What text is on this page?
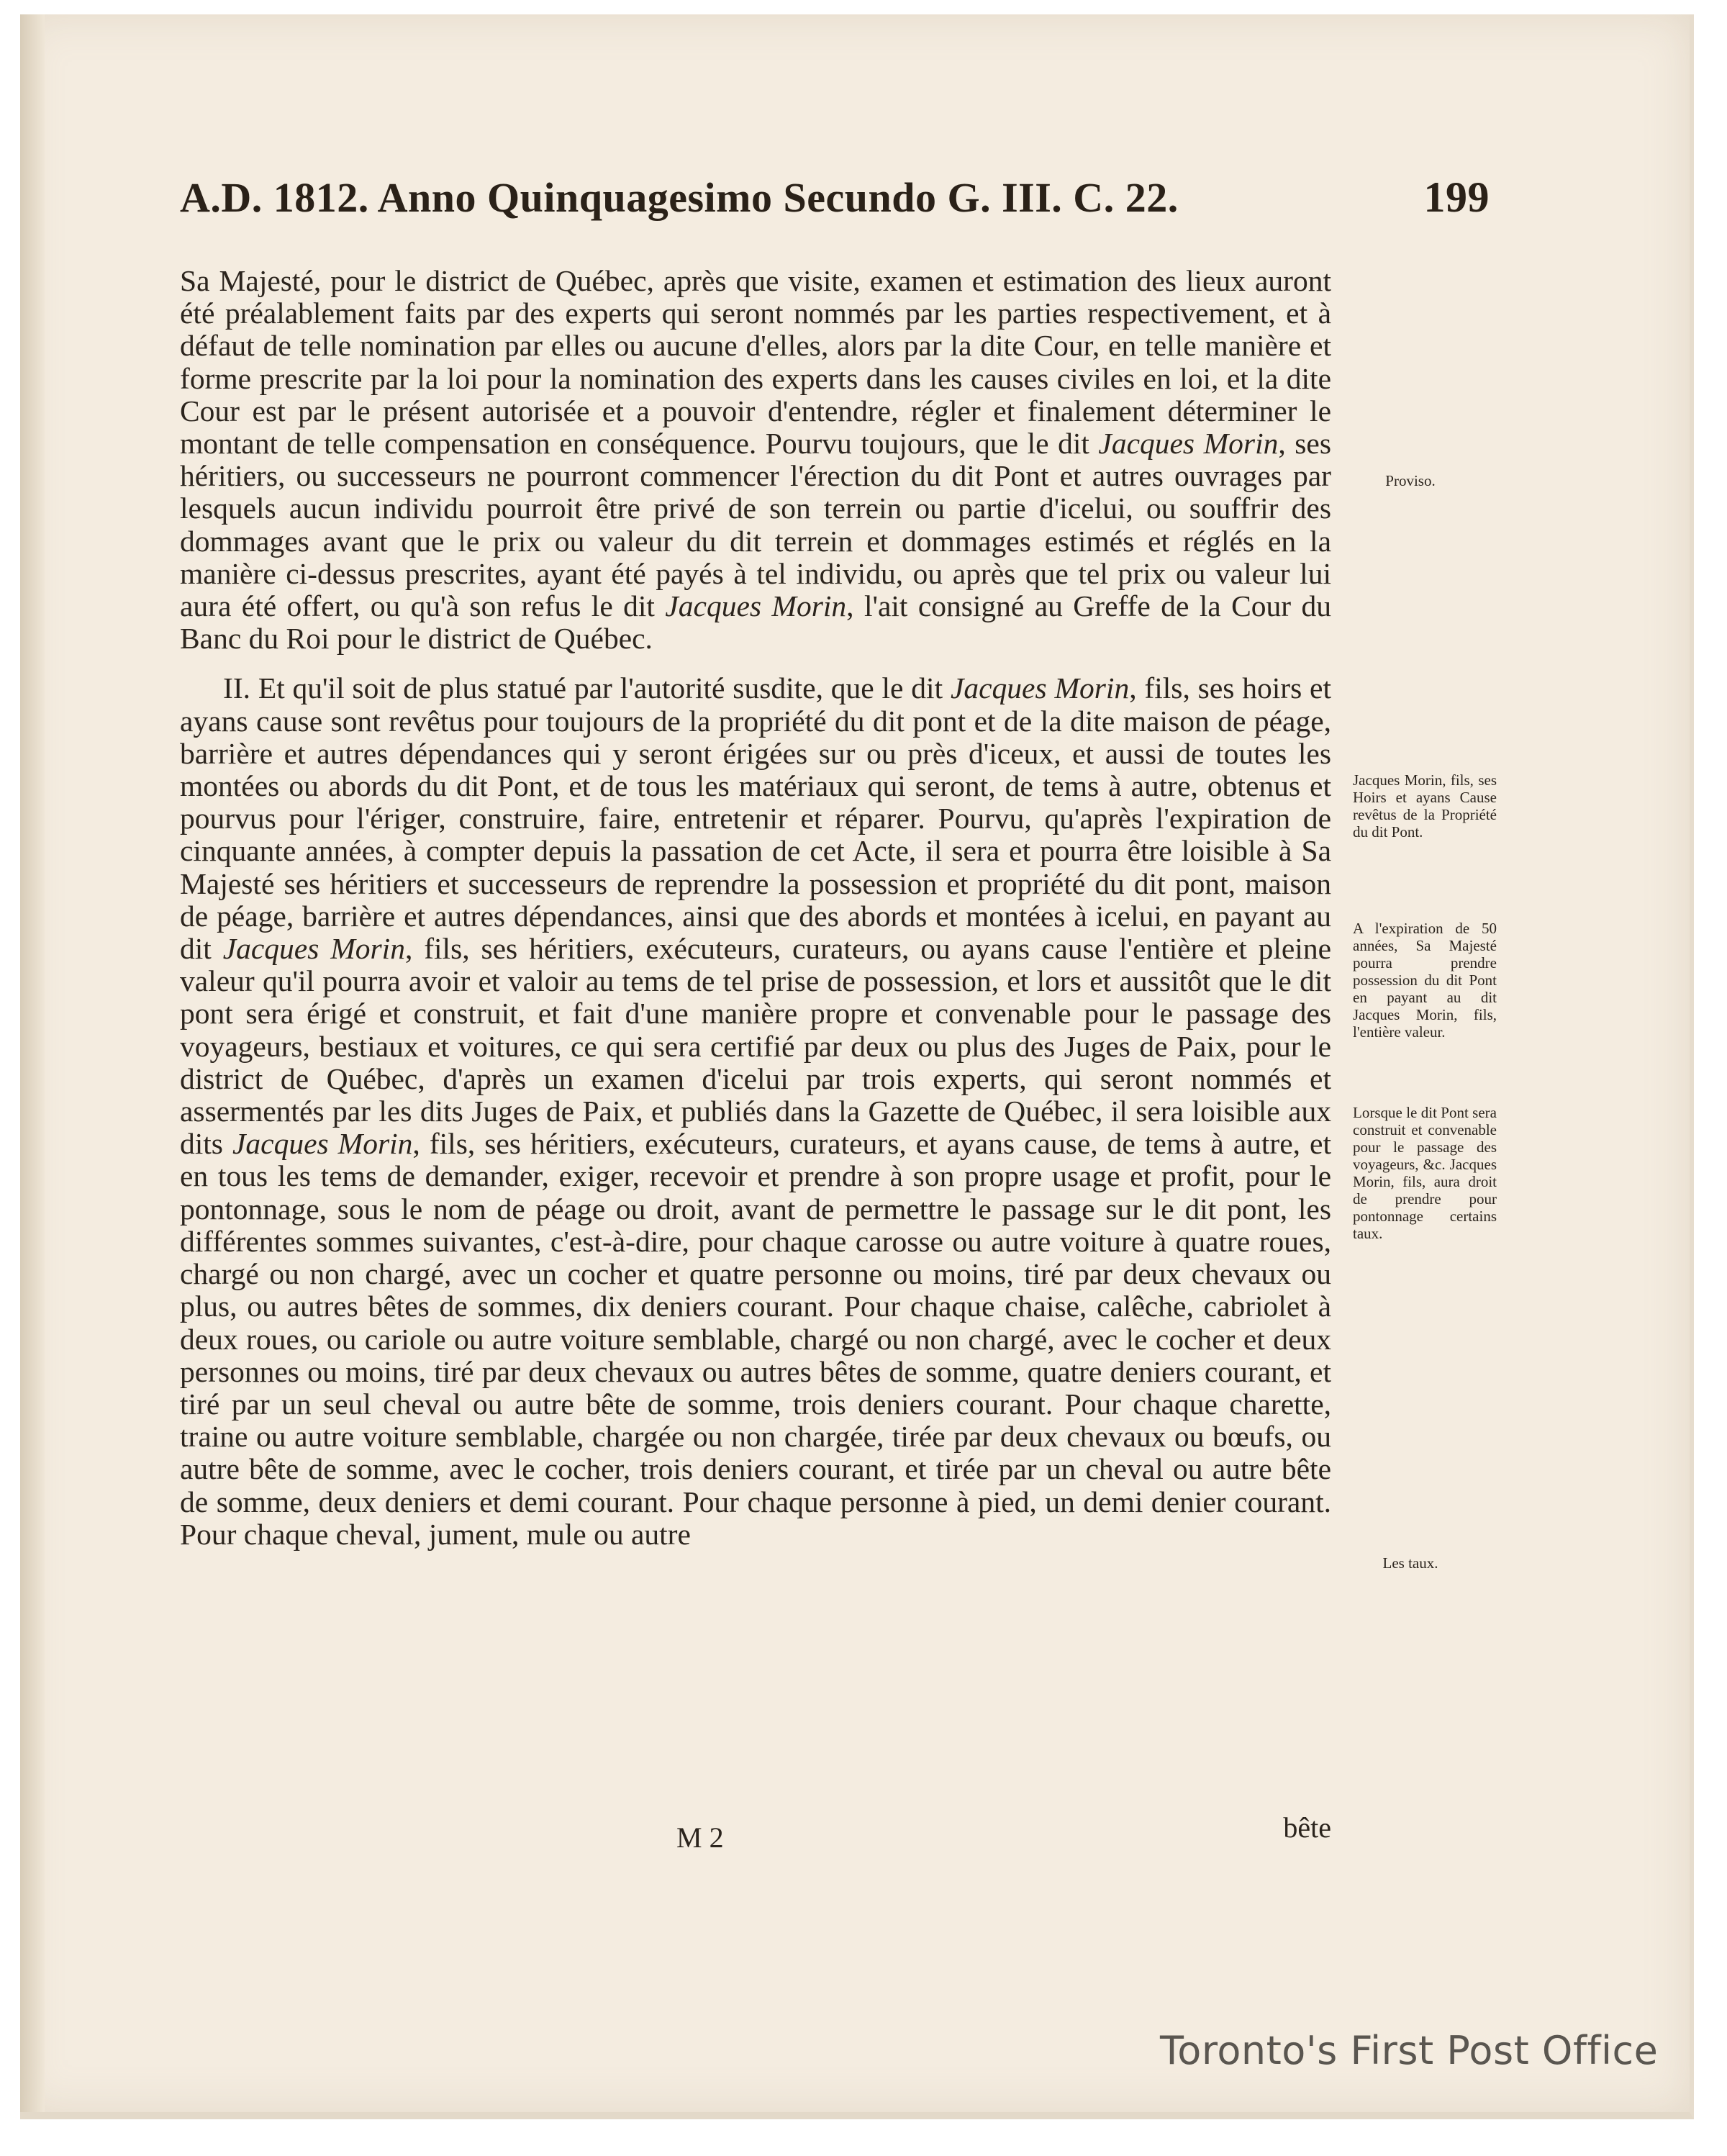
A.D. 1812. Anno Quinquagesimo Secundo G. III. C. 22.	199

Sa Majesté, pour le district de Québec, après que visite, examen et estimation des lieux auront été préalablement faits par des experts qui seront nommés par les parties respectivement, et à défaut de telle nomination par elles ou aucune d'elles, alors par la dite Cour, en telle manière et forme prescrite par la loi pour la nomination des experts dans les causes civiles en loi, et la dite Cour est par le présent autorisée et a pouvoir d'entendre, régler et finalement déterminer le montant de telle compensation en conséquence. Pourvu toujours, que le dit Jacques Morin, ses héritiers, ou successeurs ne pourront commencer l'érection du dit Pont et autres ouvrages par lesquels aucun individu pourroit être privé de son terrein ou partie d'icelui, ou souffrir des dommages avant que le prix ou valeur du dit terrein et dommages estimés et réglés en la manière ci-dessus prescrites, ayant été payés à tel individu, ou après que tel prix ou valeur lui aura été offert, ou qu'à son refus le dit Jacques Morin, l'ait consigné au Greffe de la Cour du Banc du Roi pour le district de Québec.

II. Et qu'il soit de plus statué par l'autorité susdite, que le dit Jacques Morin, fils, ses hoirs et ayans cause sont revêtus pour toujours de la propriété du dit pont et de la dite maison de péage, barrière et autres dépendances qui y seront érigées sur ou près d'iceux, et aussi de toutes les montées ou abords du dit Pont, et de tous les matériaux qui seront, de tems à autre, obtenus et pourvus pour l'ériger, construire, faire, entretenir et réparer. Pourvu, qu'après l'expiration de cinquante années, à compter depuis la passation de cet Acte, il sera et pourra être loisible à Sa Majesté ses héritiers et successeurs de reprendre la possession et propriété du dit pont, maison de péage, barrière et autres dépendances, ainsi que des abords et montées à icelui, en payant au dit Jacques Morin, fils, ses héritiers, exécuteurs, curateurs, ou ayans cause l'entière et pleine valeur qu'il pourra avoir et valoir au tems de tel prise de possession, et lors et aussitôt que le dit pont sera érigé et construit, et fait d'une manière propre et convenable pour le passage des voyageurs, bestiaux et voitures, ce qui sera certifié par deux ou plus des Juges de Paix, pour le district de Québec, d'après un examen d'icelui par trois experts, qui seront nommés et assermentés par les dits Juges de Paix, et publiés dans la Gazette de Québec, il sera loisible aux dits Jacques Morin, fils, ses héritiers, exécuteurs, curateurs, et ayans cause, de tems à autre, et en tous les tems de demander, exiger, recevoir et prendre à son propre usage et profit, pour le pontonnage, sous le nom de péage ou droit, avant de permettre le passage sur le dit pont, les différentes sommes suivantes, c'est-à-dire, pour chaque carosse ou autre voiture à quatre roues, chargé ou non chargé, avec un cocher et quatre personne ou moins, tiré par deux chevaux ou plus, ou autres bêtes de sommes, dix deniers courant. Pour chaque chaise, calêche, cabriolet à deux roues, ou cariole ou autre voiture semblable, chargé ou non chargé, avec le cocher et deux personnes ou moins, tiré par deux chevaux ou autres bêtes de somme, quatre deniers courant, et tiré par un seul cheval ou autre bête de somme, trois deniers courant. Pour chaque charette, traine ou autre voiture semblable, chargée ou non chargée, tirée par deux chevaux ou bœufs, ou autre bête de somme, avec le cocher, trois deniers courant, et tirée par un cheval ou autre bête de somme, deux deniers et demi courant. Pour chaque personne à pied, un demi denier courant. Pour chaque cheval, jument, mule ou autre

M 2	bête
Proviso.
Jacques Morin, fils, ses Hoirs et ayans Cause revêtus de la Propriété du dit Pont.
A l'expiration de 50 années, Sa Majesté pourra prendre possession du dit Pont en payant au dit Jacques Morin, fils, l'entière valeur.
Lorsque le dit Pont sera construit et convenable pour le passage des voyageurs, &c. Jacques Morin, fils, aura droit de prendre pour pontonnage certains taux.
Les taux.
Toronto's First Post Office
